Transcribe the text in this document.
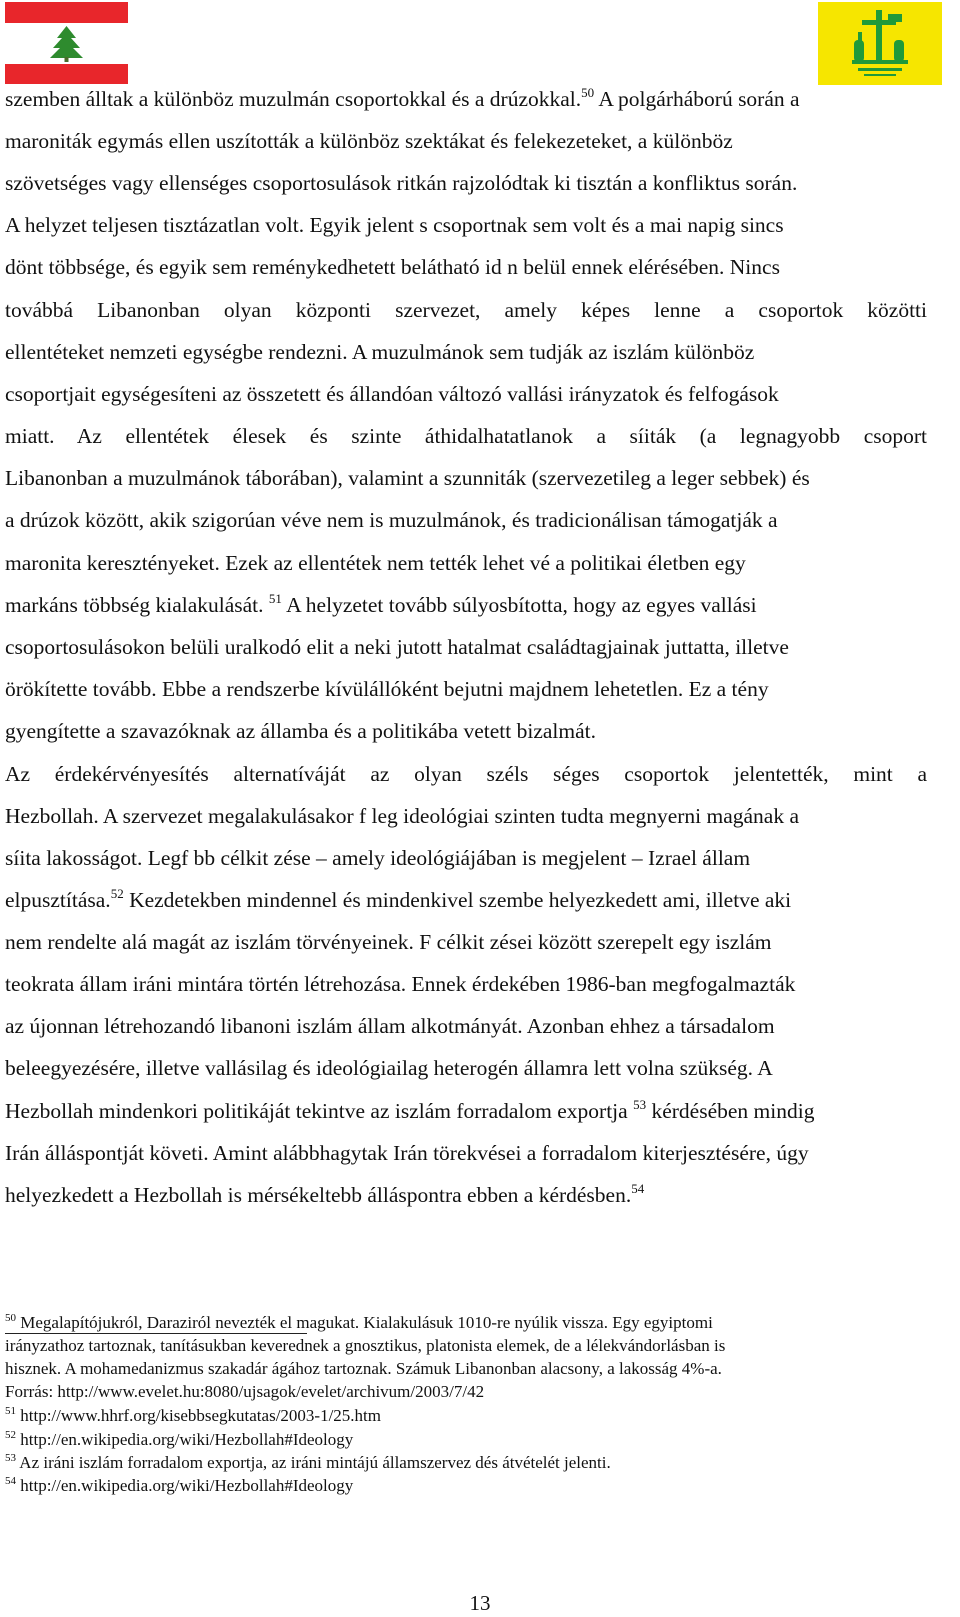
szemben álltak a különböz muzulmán csoportokkal és a drúzokkal.$^{50}$ A polgárháború során a
maroniták egymás ellen uszították a különböz szektákat és felekezeteket, a különböz
szövetséges vagy ellenséges csoportosulások ritkán rajzolódtak ki tisztán a konfliktus során.
A helyzet teljesen tisztázatlan volt. Egyik jelent s csoportnak sem volt és a mai napig sincs
dönt többsége, és egyik sem reménykedhetett belátható id n belül ennek elérésében. Nincs
továbbá Libanonban olyan központi szervezet, amely képes lenne a csoportok közötti
ellentéteket nemzeti egységbe rendezni. A muzulmánok sem tudják az iszlám különböz
csoportjait egységesíteni az összetett és állandóan változó vallási irányzatok és felfogások
miatt. Az ellentétek élesek és szinte áthidalhatatlanok a síiták (a legnagyobb csoport
Libanonban a muzulmánok táborában), valamint a szunniták (szervezetileg a leger sebbek) és
a drúzok között, akik szigorúan véve nem is muzulmánok, és tradicionálisan támogatják a
maronita keresztényeket. Ezek az ellentétek nem tették lehet vé a politikai életben egy
markáns többség kialakulását. $^{51}$ A helyzetet tovább súlyosbította, hogy az egyes vallási
csoportosulásokon belüli uralkodó elit a neki jutott hatalmat családtagjainak juttatta, illetve
örökítette tovább. Ebbe a rendszerbe kívülállóként bejutni majdnem lehetetlen. Ez a tény
gyengítette a szavazóknak az államba és a politikába vetett bizalmát.
Az érdekérvényesítés alternatíváját az olyan széls séges csoportok jelentették, mint a
Hezbollah. A szervezet megalakulásakor f leg ideológiai szinten tudta megnyerni magának a
síita lakosságot. Legf bb célkit zése – amely ideológiájában is megjelent – Izrael állam
elpusztítása.$^{52}$ Kezdetekben mindennel és mindenkivel szembe helyezkedett ami, illetve aki
nem rendelte alá magát az iszlám törvényeinek. F célkit zései között szerepelt egy iszlám
teokrata állam iráni mintára történ létrehozása. Ennek érdekében 1986-ban megfogalmazták
az újonnan létrehozandó libanoni iszlám állam alkotmányát. Azonban ehhez a társadalom
beleegyezésére, illetve vallásilag és ideológiailag heterogén államra lett volna szükség. A
Hezbollah mindenkori politikáját tekintve az iszlám forradalom exportja $^{53}$ kérdésében mindig
Irán álláspontját követi. Amint alábbhagytak Irán törekvései a forradalom kiterjesztésére, úgy
helyezkedett a Hezbollah is mérsékeltebb álláspontra ebben a kérdésben.$^{54}$
$^{50}$ Megalapítójukról, Daraziról nevezték el magukat. Kialakulásuk 1010-re nyúlik vissza. Egy egyiptomi
irányzathoz tartoznak, tanításukban keverednek a gnosztikus, platonista elemek, de a lélekvándorlásban is
hisznek. A mohamedanizmus szakadár ágához tartoznak. Számuk Libanonban alacsony, a lakosság 4%-a.
Forrás: http://www.evelet.hu:8080/ujsagok/evelet/archivum/2003/7/42
$^{51}$ http://www.hhrf.org/kisebbsegkutatas/2003-1/25.htm
$^{52}$ http://en.wikipedia.org/wiki/Hezbollah#Ideology
$^{53}$ Az iráni iszlám forradalom exportja, az iráni mintájú államszervez dés átvételét jelenti.
$^{54}$ http://en.wikipedia.org/wiki/Hezbollah#Ideology
13
